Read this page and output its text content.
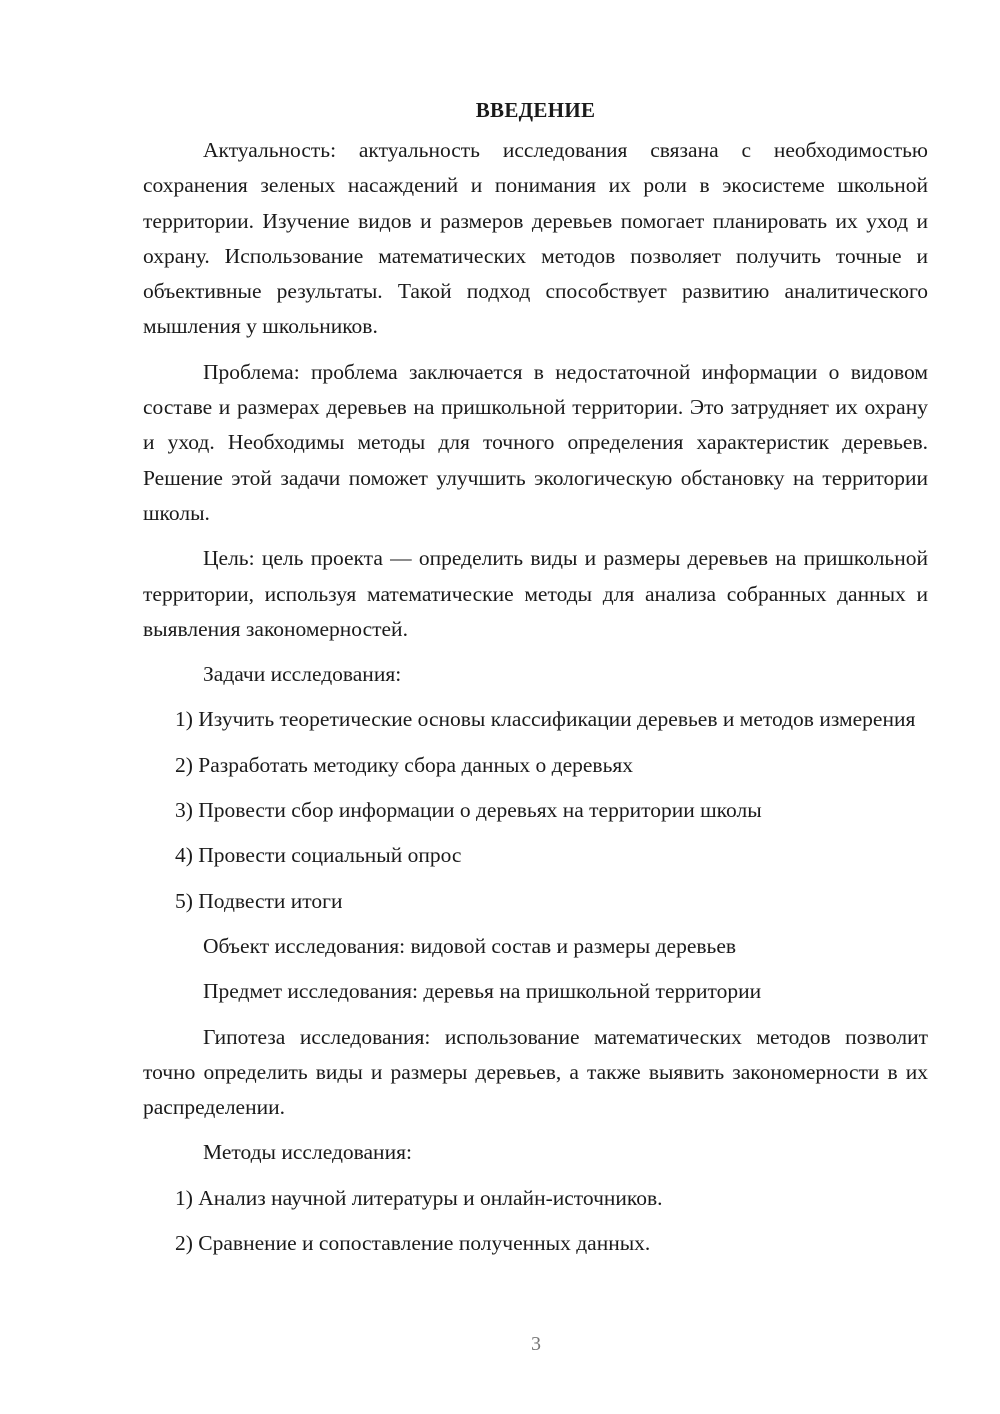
ВВЕДЕНИЕ

Актуальность: актуальность исследования связана с необходимостью сохранения зеленых насаждений и понимания их роли в экосистеме школьной территории. Изучение видов и размеров деревьев помогает планировать их уход и охрану. Использование математических методов позволяет получить точные и объективные результаты. Такой подход способствует развитию аналитического мышления у школьников.

Проблема: проблема заключается в недостаточной информации о видовом составе и размерах деревьев на пришкольной территории. Это затрудняет их охрану и уход. Необходимы методы для точного определения характеристик деревьев. Решение этой задачи поможет улучшить экологическую обстановку на территории школы.

Цель: цель проекта — определить виды и размеры деревьев на пришкольной территории, используя математические методы для анализа собранных данных и выявления закономерностей.

Задачи исследования:

1) Изучить теоретические основы классификации деревьев и методов измерения

2) Разработать методику сбора данных о деревьях

3) Провести сбор информации о деревьях на территории школы

4) Провести социальный опрос

5) Подвести итоги

Объект исследования: видовой состав и размеры деревьев

Предмет исследования: деревья на пришкольной территории

Гипотеза исследования: использование математических методов позволит точно определить виды и размеры деревьев, а также выявить закономерности в их распределении.

Методы исследования:

1) Анализ научной литературы и онлайн-источников.

2) Сравнение и сопоставление полученных данных.

3
